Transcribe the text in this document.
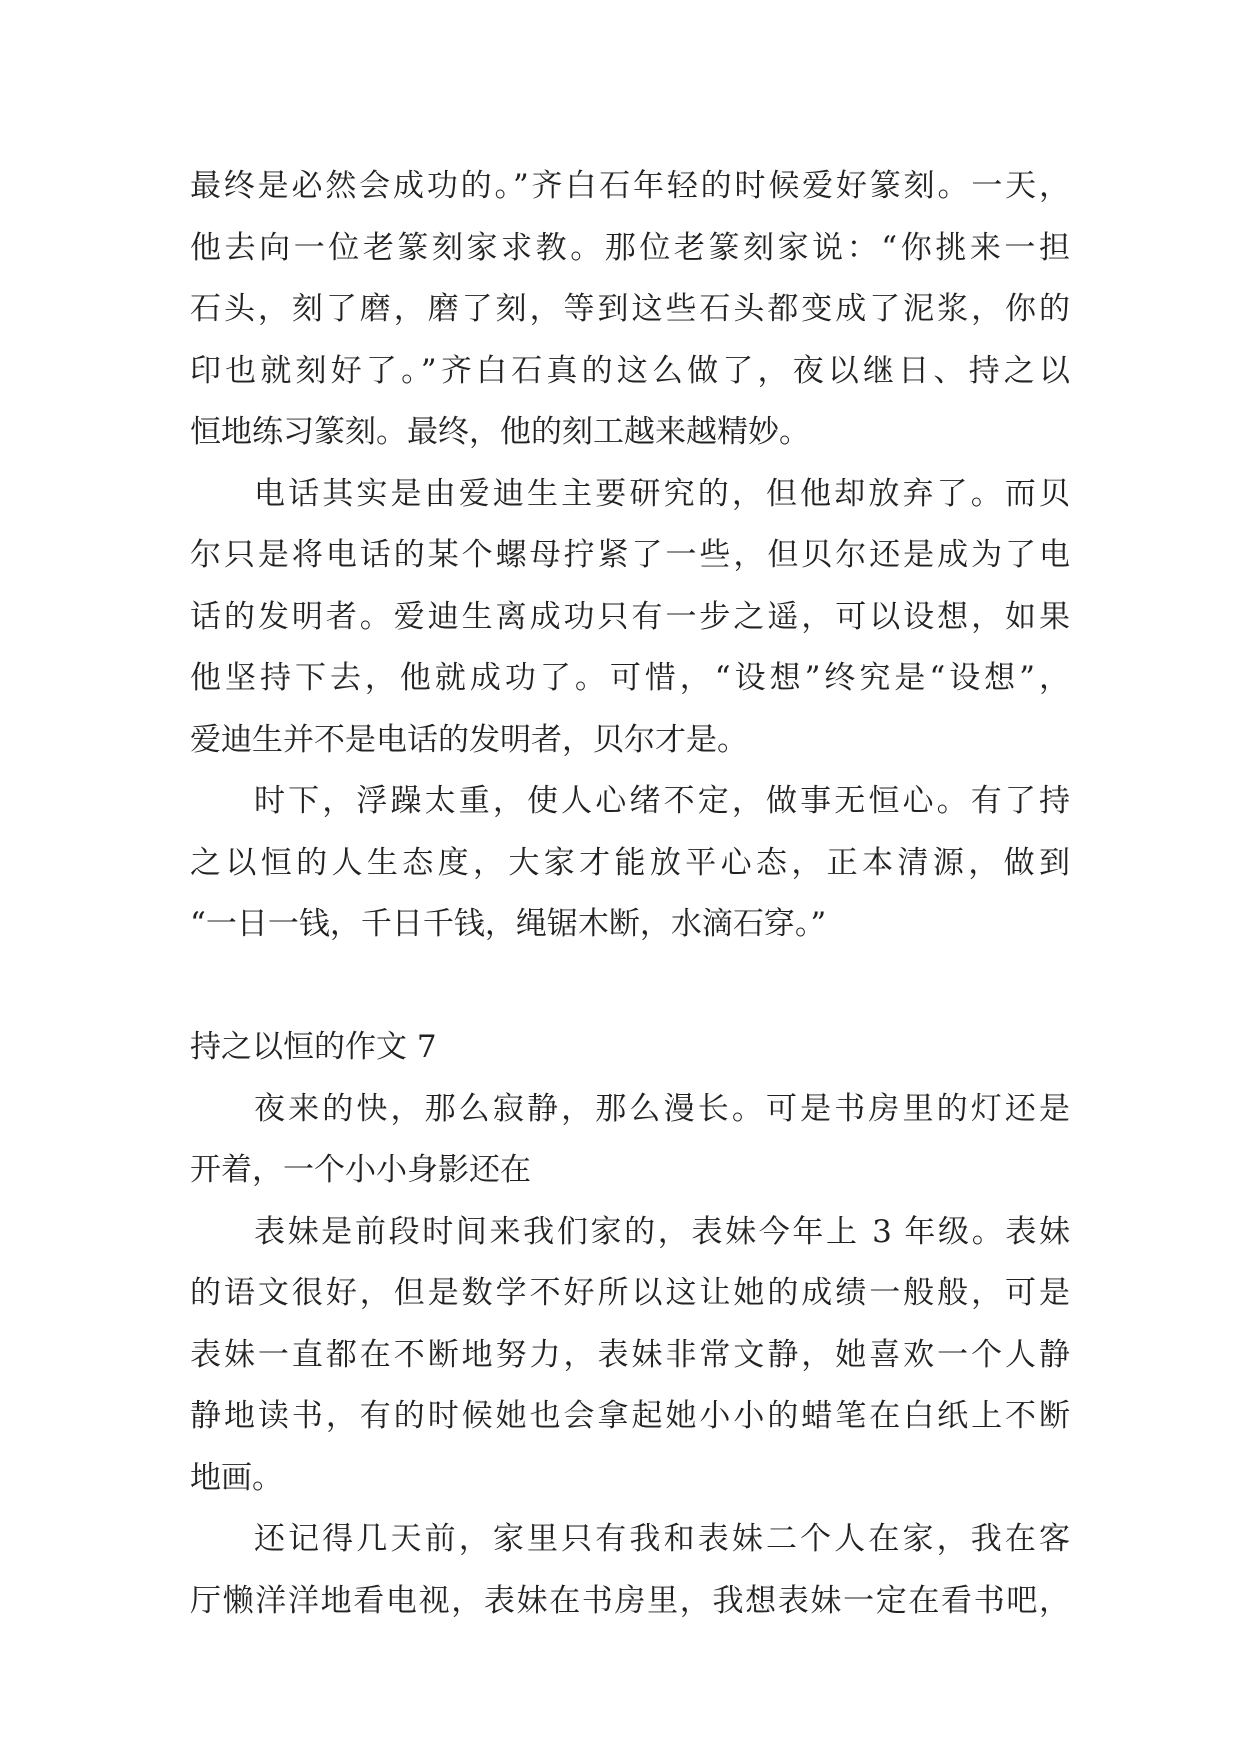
最终是必然会成功的。”齐白石年轻的时候爱好篆刻。一天，
他去向一位老篆刻家求教。那位老篆刻家说：“你挑来一担
石头，刻了磨，磨了刻，等到这些石头都变成了泥浆，你的
印也就刻好了。”齐白石真的这么做了，夜以继日、持之以
恒地练习篆刻。最终，他的刻工越来越精妙。
电话其实是由爱迪生主要研究的，但他却放弃了。而贝
尔只是将电话的某个螺母拧紧了一些，但贝尔还是成为了电
话的发明者。爱迪生离成功只有一步之遥，可以设想，如果
他坚持下去，他就成功了。可惜，“设想”终究是“设想”，
爱迪生并不是电话的发明者，贝尔才是。
时下，浮躁太重，使人心绪不定，做事无恒心。有了持
之以恒的人生态度，大家才能放平心态，正本清源，做到
“一日一钱，千日千钱，绳锯木断，水滴石穿。”
持之以恒的作文 7
夜来的快，那么寂静，那么漫长。可是书房里的灯还是
开着，一个小小身影还在
表妹是前段时间来我们家的，表妹今年上 3 年级。表妹
的语文很好，但是数学不好所以这让她的成绩一般般，可是
表妹一直都在不断地努力，表妹非常文静，她喜欢一个人静
静地读书，有的时候她也会拿起她小小的蜡笔在白纸上不断
地画。
还记得几天前，家里只有我和表妹二个人在家，我在客
厅懒洋洋地看电视，表妹在书房里，我想表妹一定在看书吧，
